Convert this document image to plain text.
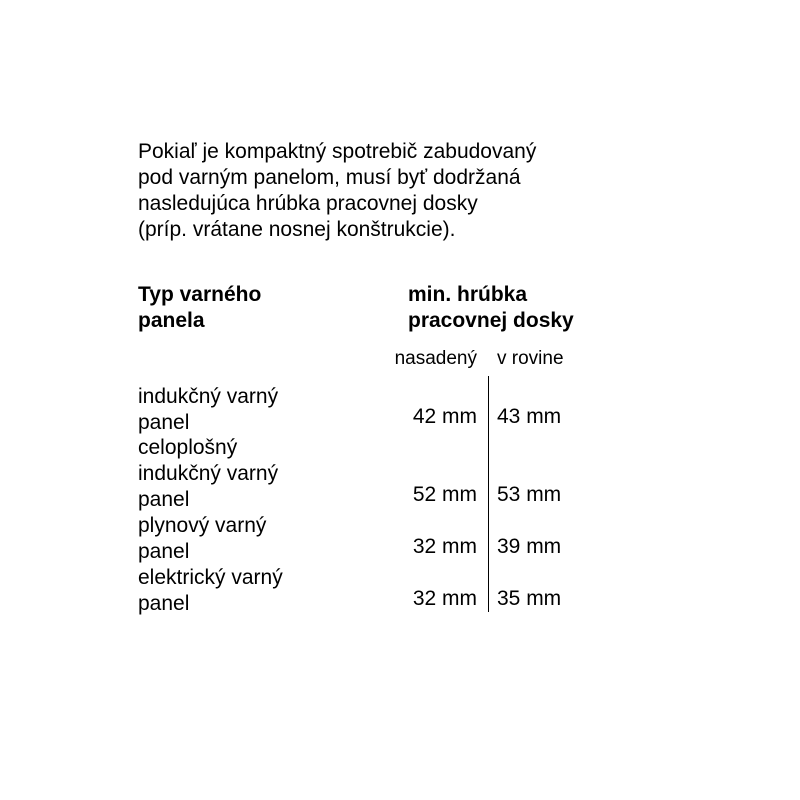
Pokiaľ je kompaktný spotrebič zabudovaný
pod varným panelom, musí byť dodržaná
nasledujúca hrúbka pracovnej dosky
(príp. vrátane nosnej konštrukcie).

Typ varného
panela
min. hrúbka
pracovnej dosky
nasadený v rovine
indukčný varný
panel	42 mm 43 mm
celoplošný
indukčný varný
panel	52 mm 53 mm
plynový varný
panel	32 mm 39 mm
elektrický varný
panel	32 mm 35 mm
